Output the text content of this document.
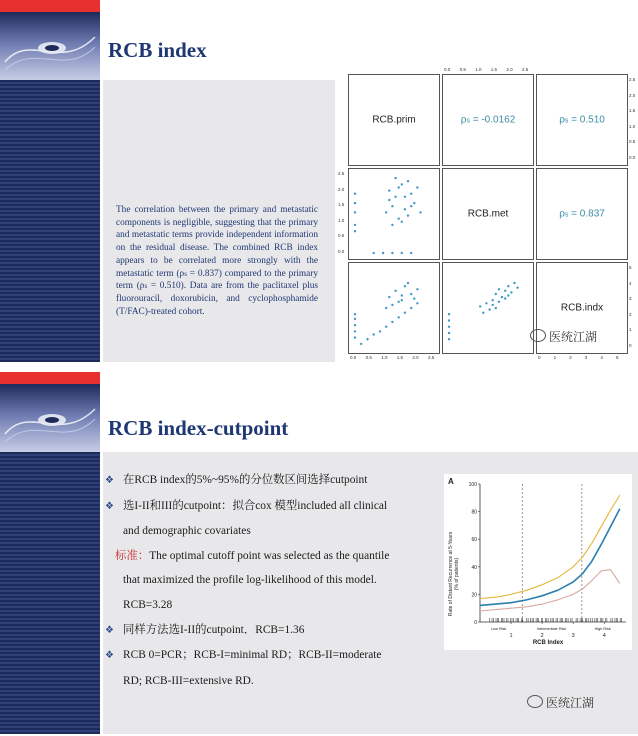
RCB index
The correlation between the primary and metastatic components is negligible, suggesting that the primary and metastatic terms provide independent information on the residual disease. The combined RCB index appears to be correlated more strongly with the metastatic term (ρs = 0.837) compared to the primary term (ρs = 0.510). Data are from the paclitaxel plus fluorouracil, doxorubicin, and cyclophosphamide (T/FAC)-treated cohort.
RCB.prim	ρs = -0.0162	ρs = 0.510
RCB.met	ρs = 0.837
RCB.indx
0.0 0.5 1.0 1.5 2.0 2.5
2.5
2.0
1.5
1.0
0.5
0.0
2.5
2.0
1.5
1.0
0.5
0.0
5
4
3
2
1
0
0.0 0.5 1.0 1.5 2.0 2.5	0	1	2	3	4	5
医统江湖
RCB index-cutpoint
❖ 在RCB index的5%~95%的分位数区间选择cutpoint
❖ 选I-II和III的cutpoint：拟合cox 模型included all clinical
and demographic covariates
标准：The optimal cutoff point was selected as the quantile
that maximized the profile log-likelihood of this model.
RCB=3.28
❖ 同样方法选I-II的cutpoint．RCB=1.36
❖ RCB 0=PCR；RCB-I=minimal RD；RCB-II=moderate
RD; RCB-III=extensive RD.
A
Rate of Distant Recurrence at 5-Years (% of patients)
RCB Index
100
80
60
40
20
0
1	2	3	4
Low Risk	Intermediate Risk	High Risk
医统江湖
